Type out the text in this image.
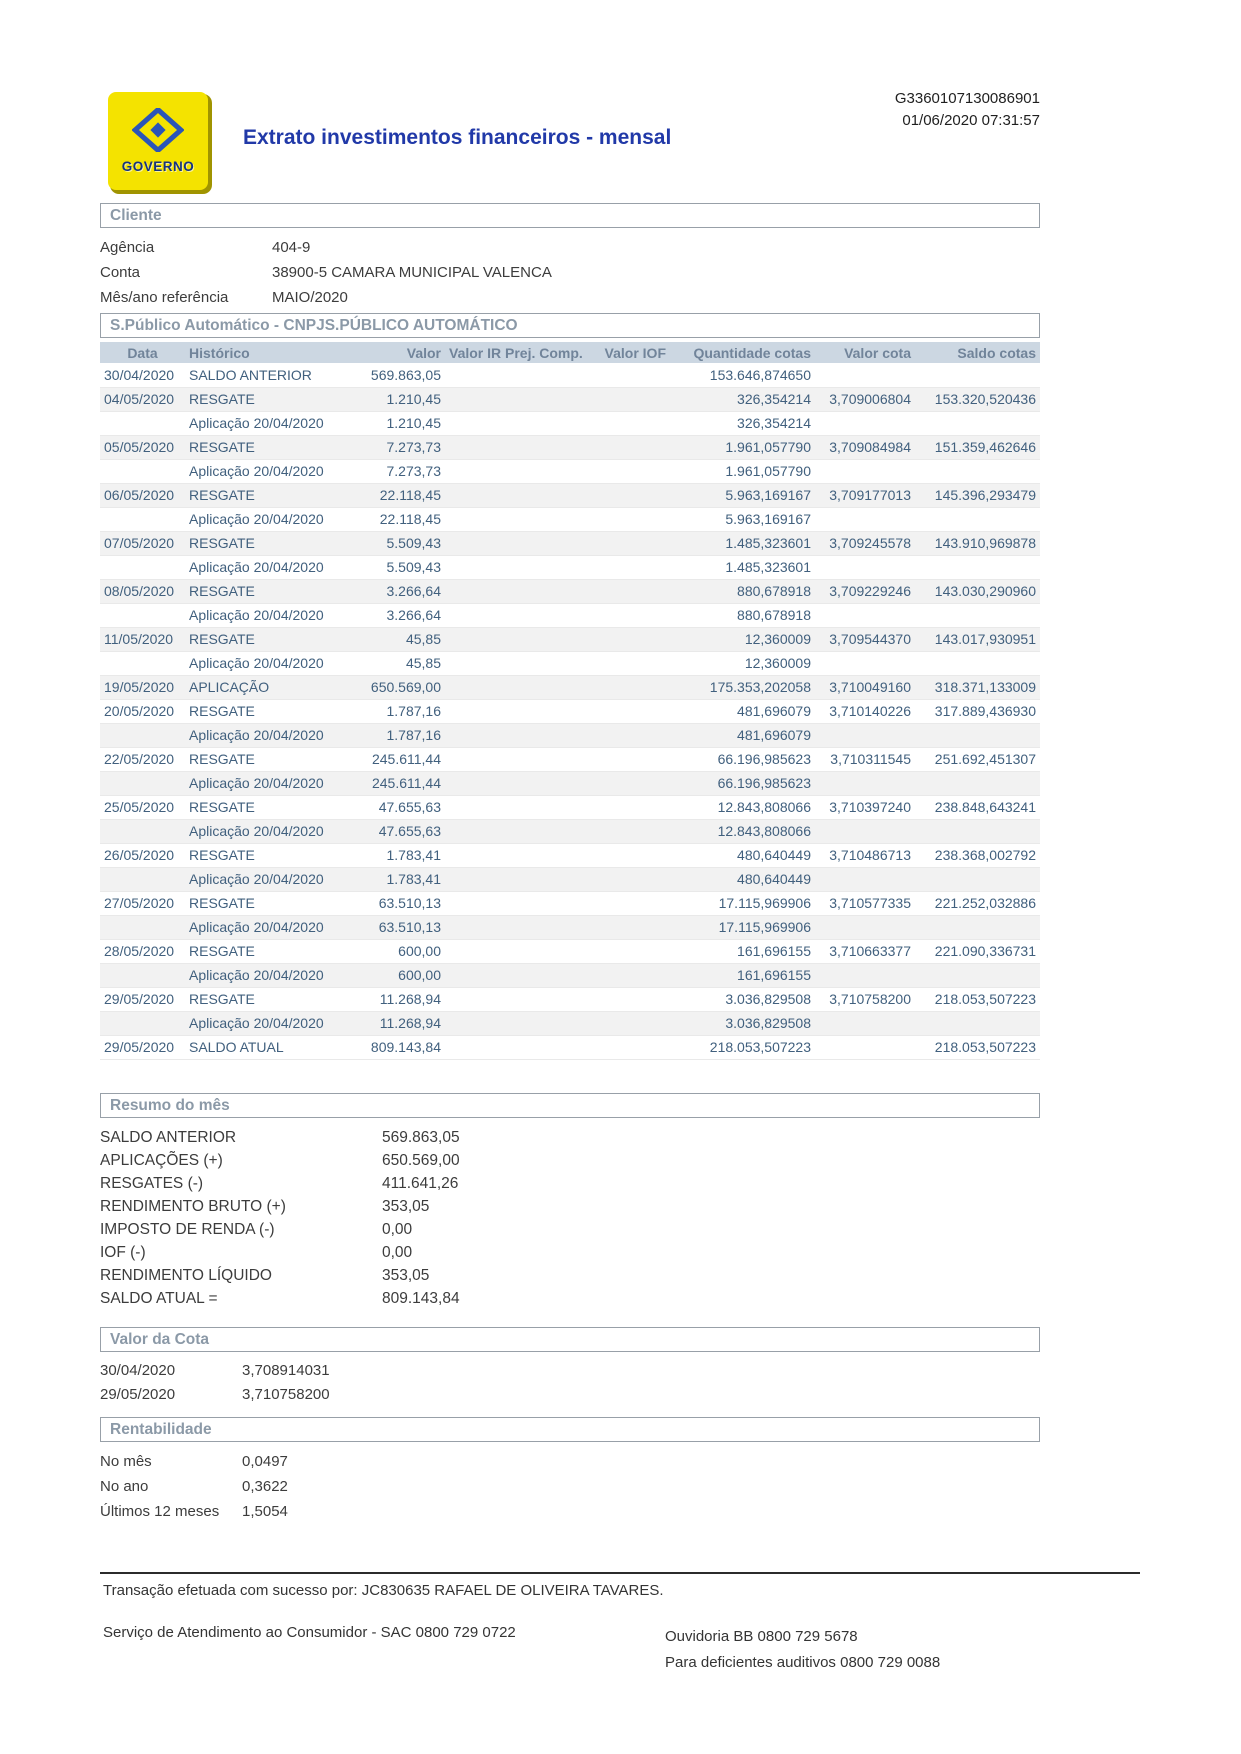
GOVERNO
Extrato investimentos financeiros - mensal
G3360107130086901
01/06/2020 07:31:57
Cliente
Agência	404-9
Conta	38900-5 CAMARA MUNICIPAL VALENCA
Mês/ano referência	MAIO/2020
S.Público Automático - CNPJS.PÚBLICO AUTOMÁTICO
Data	Histórico	Valor	Valor IR Prej. Comp.	Valor IOF	Quantidade cotas	Valor cota	Saldo cotas
30/04/2020	SALDO ANTERIOR	569.863,05			153.646,874650		
04/05/2020	RESGATE	1.210,45			326,354214	3,709006804	153.320,520436
	Aplicação 20/04/2020	1.210,45			326,354214		
05/05/2020	RESGATE	7.273,73			1.961,057790	3,709084984	151.359,462646
	Aplicação 20/04/2020	7.273,73			1.961,057790		
06/05/2020	RESGATE	22.118,45			5.963,169167	3,709177013	145.396,293479
	Aplicação 20/04/2020	22.118,45			5.963,169167		
07/05/2020	RESGATE	5.509,43			1.485,323601	3,709245578	143.910,969878
	Aplicação 20/04/2020	5.509,43			1.485,323601		
08/05/2020	RESGATE	3.266,64			880,678918	3,709229246	143.030,290960
	Aplicação 20/04/2020	3.266,64			880,678918		
11/05/2020	RESGATE	45,85			12,360009	3,709544370	143.017,930951
	Aplicação 20/04/2020	45,85			12,360009		
19/05/2020	APLICAÇÃO	650.569,00			175.353,202058	3,710049160	318.371,133009
20/05/2020	RESGATE	1.787,16			481,696079	3,710140226	317.889,436930
	Aplicação 20/04/2020	1.787,16			481,696079		
22/05/2020	RESGATE	245.611,44			66.196,985623	3,710311545	251.692,451307
	Aplicação 20/04/2020	245.611,44			66.196,985623		
25/05/2020	RESGATE	47.655,63			12.843,808066	3,710397240	238.848,643241
	Aplicação 20/04/2020	47.655,63			12.843,808066		
26/05/2020	RESGATE	1.783,41			480,640449	3,710486713	238.368,002792
	Aplicação 20/04/2020	1.783,41			480,640449		
27/05/2020	RESGATE	63.510,13			17.115,969906	3,710577335	221.252,032886
	Aplicação 20/04/2020	63.510,13			17.115,969906		
28/05/2020	RESGATE	600,00			161,696155	3,710663377	221.090,336731
	Aplicação 20/04/2020	600,00			161,696155		
29/05/2020	RESGATE	11.268,94			3.036,829508	3,710758200	218.053,507223
	Aplicação 20/04/2020	11.268,94			3.036,829508		
29/05/2020	SALDO ATUAL	809.143,84			218.053,507223		218.053,507223
Resumo do mês
SALDO ANTERIOR	569.863,05
APLICAÇÕES (+)	650.569,00
RESGATES (-)	411.641,26
RENDIMENTO BRUTO (+)	353,05
IMPOSTO DE RENDA (-)	0,00
IOF (-)	0,00
RENDIMENTO LÍQUIDO	353,05
SALDO ATUAL =	809.143,84
Valor da Cota
30/04/2020	3,708914031
29/05/2020	3,710758200
Rentabilidade
No mês	0,0497
No ano	0,3622
Últimos 12 meses	1,5054
Transação efetuada com sucesso por: JC830635 RAFAEL DE OLIVEIRA TAVARES.
Serviço de Atendimento ao Consumidor - SAC 0800 729 0722	Ouvidoria BB 0800 729 5678
Para deficientes auditivos 0800 729 0088
